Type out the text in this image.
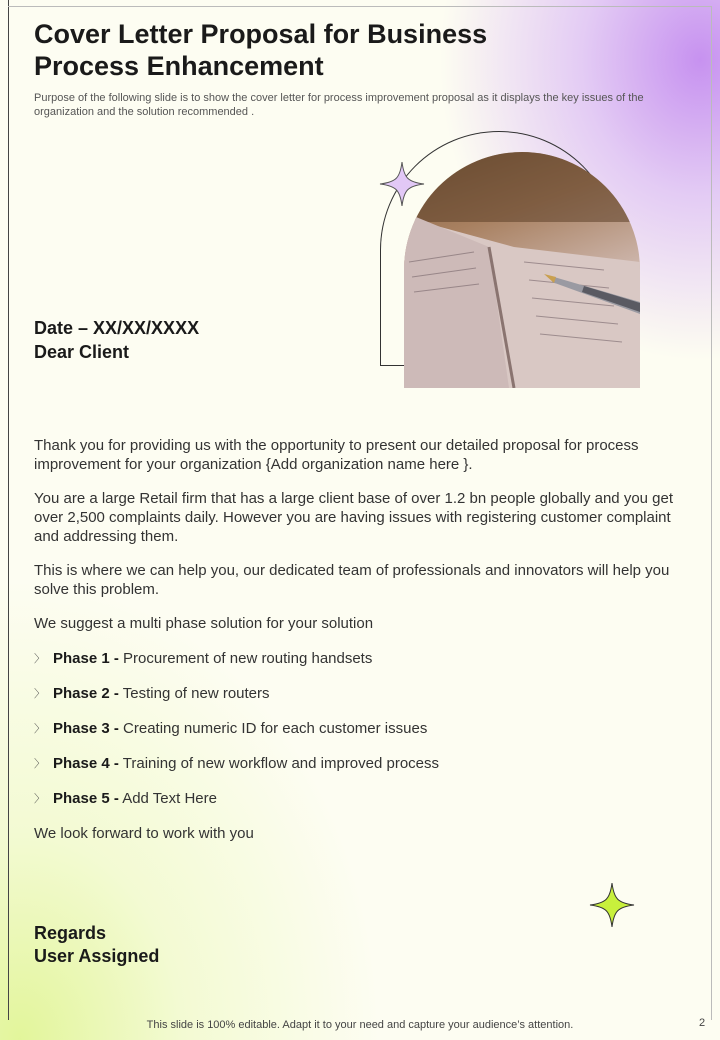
Cover Letter Proposal for Business Process Enhancement

Purpose of the following slide is to show the cover letter for process improvement proposal as it displays the key issues of the organization and the solution recommended .

Date – XX/XX/XXXX
Dear Client

Thank you for providing us with the opportunity to present our detailed proposal for process improvement for your organization {Add organization name here }.

You are a large Retail firm that has a large client base of over 1.2 bn people globally and you get over 2,500 complaints daily. However you are having issues with registering customer complaint and addressing them.

This is where we can help you, our dedicated team of professionals and innovators will help you solve this problem.

We suggest a multi phase solution for your solution

〉 Phase 1 - Procurement of new routing handsets
〉 Phase 2 - Testing of new routers
〉 Phase 3 - Creating numeric ID for each customer issues
〉 Phase 4 - Training of new workflow and improved process
〉 Phase 5 - Add Text Here

We look forward to work with you

Regards
User Assigned
This slide is 100% editable. Adapt it to your need and capture your audience’s attention.	2
